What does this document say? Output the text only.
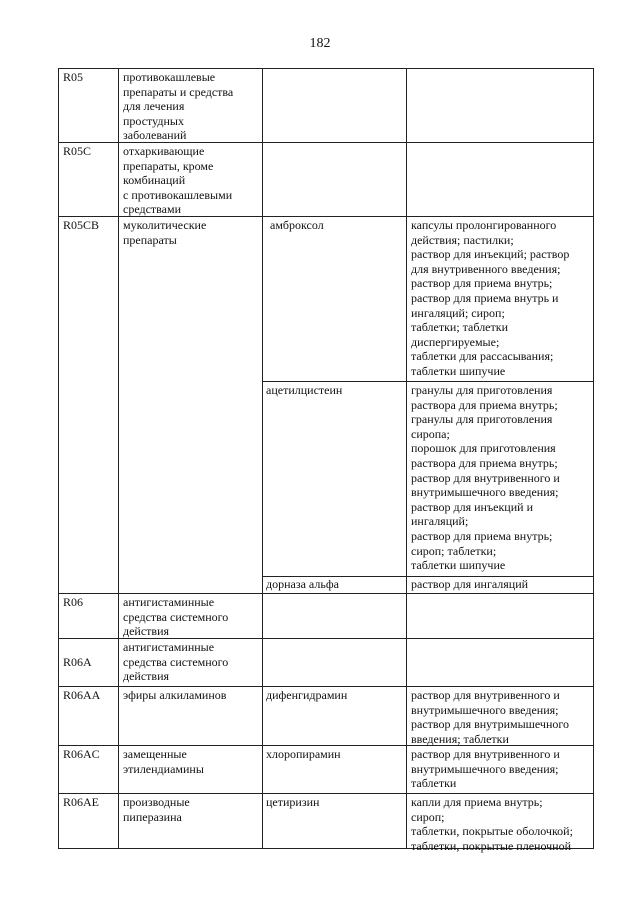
182
R05	противокашлевые
препараты и средства
для лечения
простудных
заболеваний
R05C	отхаркивающие
препараты, кроме
комбинаций
с противокашлевыми
средствами
R05CB муколитические
препараты
амброксол	капсулы пролонгированного
действия; пастилки;
раствор для инъекций; раствор
для внутривенного введения;
раствор для приема внутрь;
раствор для приема внутрь и
ингаляций; сироп;
таблетки; таблетки
диспергируемые;
таблетки для рассасывания;
таблетки шипучие
ацетилцистеин	гранулы для приготовления
раствора для приема внутрь;
гранулы для приготовления
сиропа;
порошок для приготовления
раствора для приема внутрь;
раствор для внутривенного и
внутримышечного введения;
раствор для инъекций и
ингаляций;
раствор для приема внутрь;
сироп; таблетки;
таблетки шипучие
дорназа альфа	раствор для ингаляций
R06	антигистаминные
средства системного
действия
R06A
антигистаминные
средства системного
действия
R06AA эфиры алкиламинов	дифенгидрамин	раствор для внутривенного и
внутримышечного введения;
раствор для внутримышечного
введения; таблетки
R06AC замещенные
этилендиамины
хлоропирамин	раствор для внутривенного и
внутримышечного введения;
таблетки
R06AE производные
пиперазина
цетиризин	капли для приема внутрь;
сироп;
таблетки, покрытые оболочкой;
таблетки, покрытые пленочной
